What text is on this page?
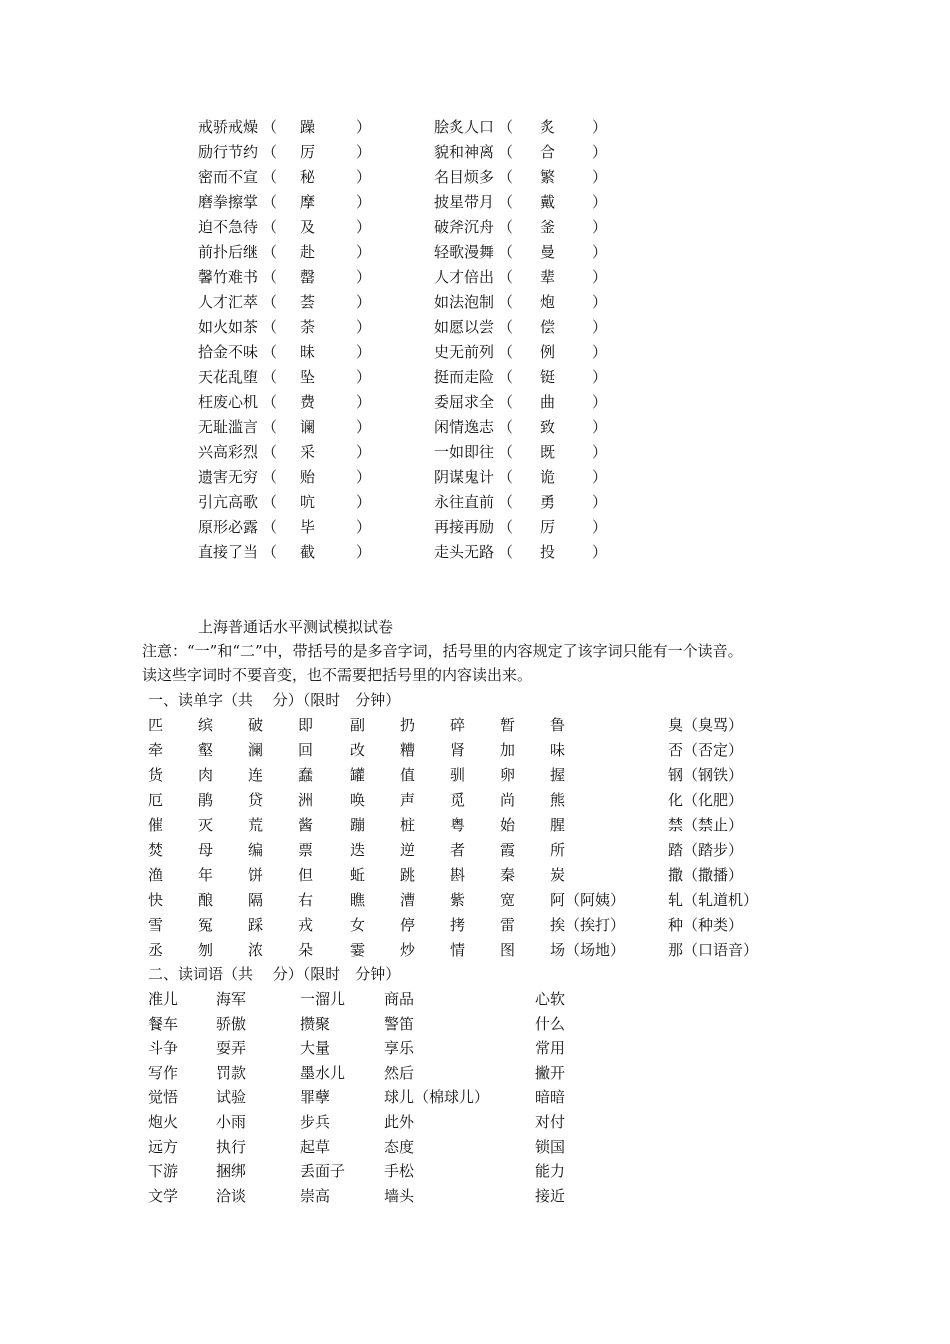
戒骄戒燥 （ 躁	）	脍炙人口 （ 炙 ）
励行节约 （ 厉	）	貌和神离 （ 合 ）
密而不宣 （ 秘	）	名目烦多 （ 繁 ）
磨拳擦掌 （ 摩	）	披星带月 （ 戴 ）
迫不急待 （ 及	）	破斧沉舟 （ 釜 ）
前扑后继 （ 赴	）	轻歌漫舞 （ 曼 ）
馨竹难书 （ 罄	）	人才倍出 （ 辈 ）
人才汇萃 （ 荟	）	如法泡制 （ 炮 ）
如火如茶 （ 荼	）	如愿以尝 （ 偿 ）
拾金不味 （ 昧	）	史无前列 （ 例 ）
天花乱堕 （ 坠	）	挺而走险 （ 铤 ）
枉废心机 （ 费	）	委屈求全 （ 曲 ）
无耻滥言 （ 谰	）	闲情逸志 （ 致 ）
兴高彩烈 （ 采	）	一如即往 （ 既 ）
遗害无穷 （ 贻	）	阴谋鬼计 （ 诡 ）
引亢高歌 （ 吭	）	永往直前 （ 勇 ）
原形必露 （ 毕	）	再接再励 （ 厉 ）
直接了当 （ 截	）	走头无路 （ 投 ）
上海普通话水平测试模拟试卷
注意：“一”和“二”中，带括号的是多音字词，括号里的内容规定了该字词只能有一个读音。
读这些字词时不要音变，也不需要把括号里的内容读出来。
一、读单字（共　 分）（限时　分钟）
匹 缤 破 即 副 扔 碎 暂 鲁	臭（臭骂）
牵 壑 澜 回 改 糟 肾 加 味	否（否定）
货 肉 连 蠢 罐 值 驯 卵 握	钢（钢铁）
厄 鹃 贷 洲 唤 声 觅 尚 熊	化（化肥）
催 灭 荒 酱 蹦 桩 粤 始 腥	禁（禁止）
焚 母 编 票 迭 逆 者 霞 所	踏（踏步）
渔 年 饼 但 蚯 跳 斟 秦 炭	撒（撒播）
快 酿 隔 右 瞧 漕 紫 宽 阿（阿姨）	轧（轧道机）
雪 冤 踩 戎 女 停 拷 雷 挨（挨打）	种（种类）
丞 刎 浓 朵 霎 炒 情 图 场（场地）	那（口语音）
二、读词语（共　 分）（限时　分钟）
准儿	海军	一溜儿	商品	心软
餐车	骄傲	攒聚	警笛	什么
斗争	耍弄	大量	享乐	常用
写作	罚款	墨水儿	然后	撇开
觉悟	试验	罪孽	球儿（棉球儿）	暗暗
炮火	小雨	步兵	此外	对付
远方	执行	起草	态度	锁国
下游	捆绑	丢面子	手松	能力
文学	洽谈	崇高	墙头	接近
